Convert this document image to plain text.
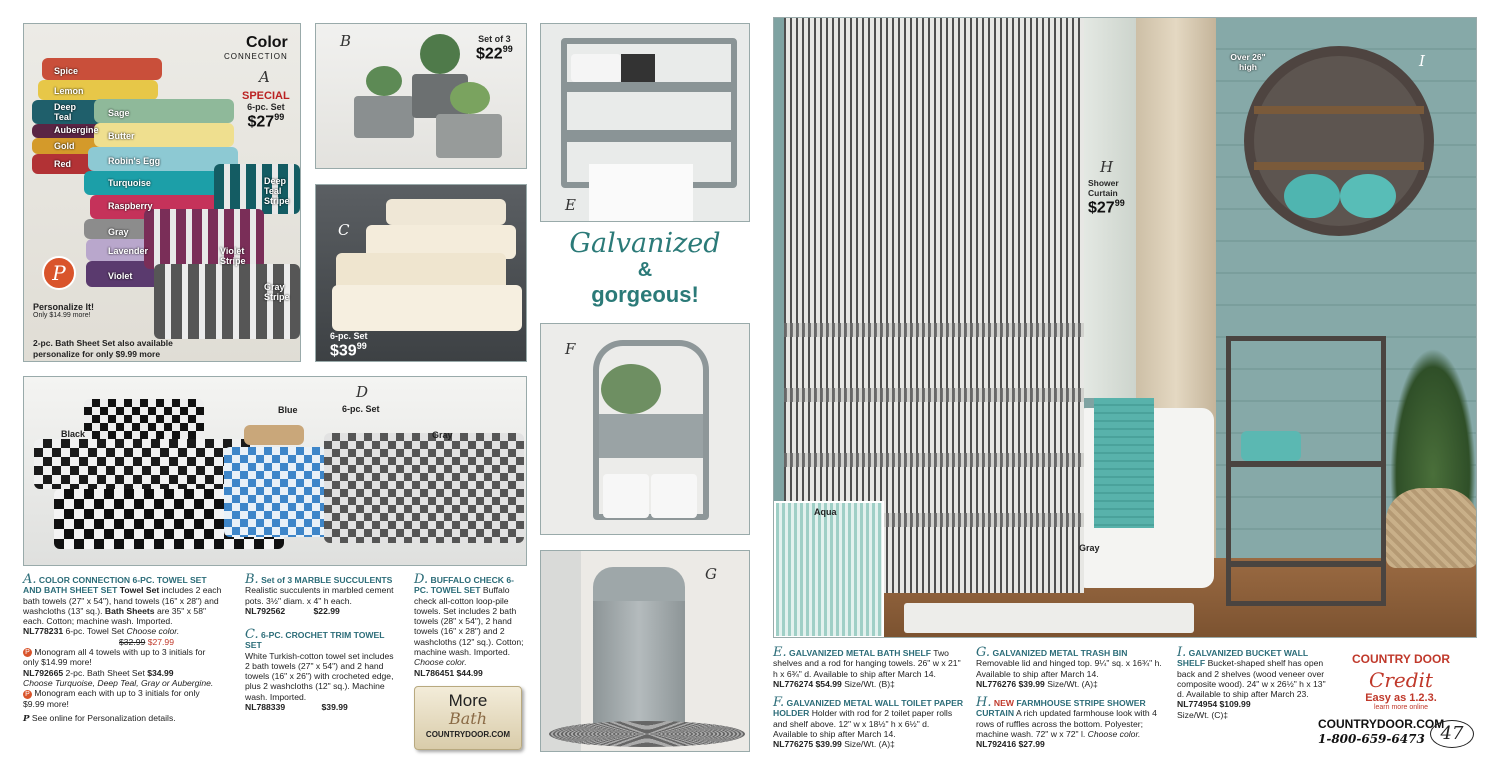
Color
CONNECTION
A
SPECIAL
6-pc. Set
$\$27^{99}$
Spice
Lemon
Deep Teal
Aubergine
Gold
Red
Sage
Butter
Robin's Egg
Turquoise
Raspberry
Gray
Lavender
Violet
Deep Teal Stripe
Violet Stripe
Gray Stripe
P
Personalize It!
Only $14.99 more!
2-pc. Bath Sheet Set also available personalize for only $9.99 more
B	Set of 3
$\$22^{99}$
C
6-pc. Set
$\$39^{99}$
E
Galvanized
&
gorgeous!
F
G
D
6-pc. Set
Black
Blue
Gray
A. COLOR CONNECTION 6-PC. TOWEL SET AND BATH SHEET SET Towel Set includes 2 each bath towels (27" x 54"), hand towels (16" x 28") and washcloths (13" sq.). Bath Sheets are 35" x 58" each. Cotton; machine wash. Imported.
NL778231 6-pc. Towel Set Choose color.
$32.99 $27.99
P Monogram all 4 towels with up to 3 initials for only $14.99 more!
NL792665 2-pc. Bath Sheet Set $34.99
Choose Turquoise, Deep Teal, Gray or Aubergine.
P Monogram each with up to 3 initials for only $9.99 more!

P See online for Personalization details.
B. Set of 3 MARBLE SUCCULENTS
Realistic succulents in marbled cement pots. 3½" diam. x 4" h each.
NL792562	$22.99
C. 6-PC. CROCHET TRIM TOWEL SET
White Turkish-cotton towel set includes 2 bath towels (27" x 54") and 2 hand towels (16" x 26") with crocheted edge, plus 2 washcloths (12" sq.). Machine wash. Imported.
NL788339	$39.99
D. BUFFALO CHECK 6-PC. TOWEL SET Buffalo check all-cotton loop-pile towels. Set includes 2 bath towels (28" x 54"), 2 hand towels (16" x 28") and 2 washcloths (12" sq.). Cotton; machine wash. Imported. Choose color.
NL786451 $44.99
More
Bath
COUNTRYDOOR.COM
Aqua
Gray
H
Shower Curtain
$\$27^{99}$
Over 26" high	I
E. GALVANIZED METAL BATH SHELF Two shelves and a rod for hanging towels. 26" w x 21" h x 6¾" d. Available to ship after March 14.
NL776274 $54.99 Size/Wt. (B)‡
F. GALVANIZED METAL WALL TOILET PAPER HOLDER Holder with rod for 2 toilet paper rolls and shelf above. 12" w x 18½" h x 6½" d. Available to ship after March 14.
NL776275 $39.99 Size/Wt. (A)‡
G. GALVANIZED METAL TRASH BIN
Removable lid and hinged top. 9¼" sq. x 16¾" h. Available to ship after March 14.
NL776276 $39.99 Size/Wt. (A)‡
H. NEW FARMHOUSE STRIPE SHOWER CURTAIN A rich updated farmhouse look with 4 rows of ruffles across the bottom. Polyester; machine wash. 72" w x 72" l. Choose color.
NL792416 $27.99
I. GALVANIZED BUCKET WALL SHELF Bucket-shaped shelf has open back and 2 shelves (wood veneer over composite wood). 24" w x 26½" h x 13" d. Available to ship after March 23.
NL774954 $109.99
Size/Wt. (C)‡
COUNTRY DOOR Credit
Easy as 1.2.3.
learn more online
COUNTRYDOOR.COM
1-800-659-6473 47
